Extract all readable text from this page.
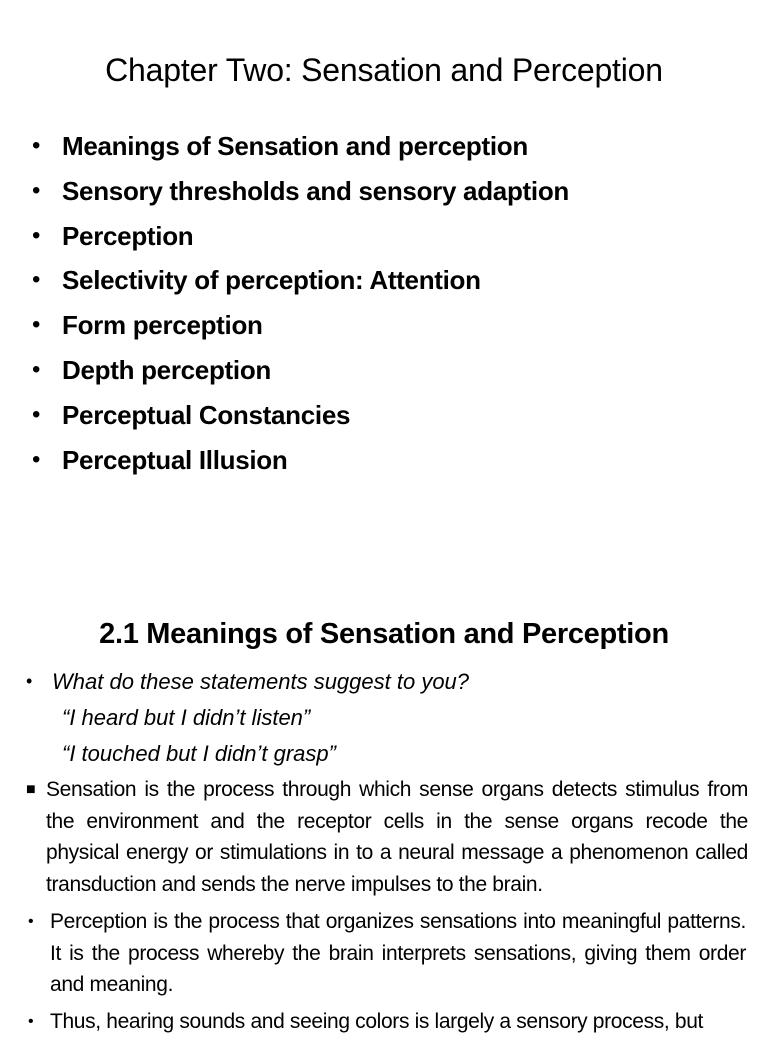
Chapter Two: Sensation and Perception
• Meanings of Sensation and perception
• Sensory thresholds and sensory adaption
• Perception
• Selectivity of perception: Attention
• Form perception
• Depth perception
• Perceptual Constancies
• Perceptual Illusion
2.1 Meanings of Sensation and Perception
• What do these statements suggest to you?
“I heard but I didn’t listen”
“I touched but I didn’t grasp”
■ Sensation is the process through which sense organs detects stimulus from the environment and the receptor cells in the sense organs recode the physical energy or stimulations in to a neural message a phenomenon called transduction and sends the nerve impulses to the brain.
• Perception is the process that organizes sensations into meaningful patterns. It is the process whereby the brain interprets sensations, giving them order and meaning.
• Thus, hearing sounds and seeing colors is largely a sensory process, but
